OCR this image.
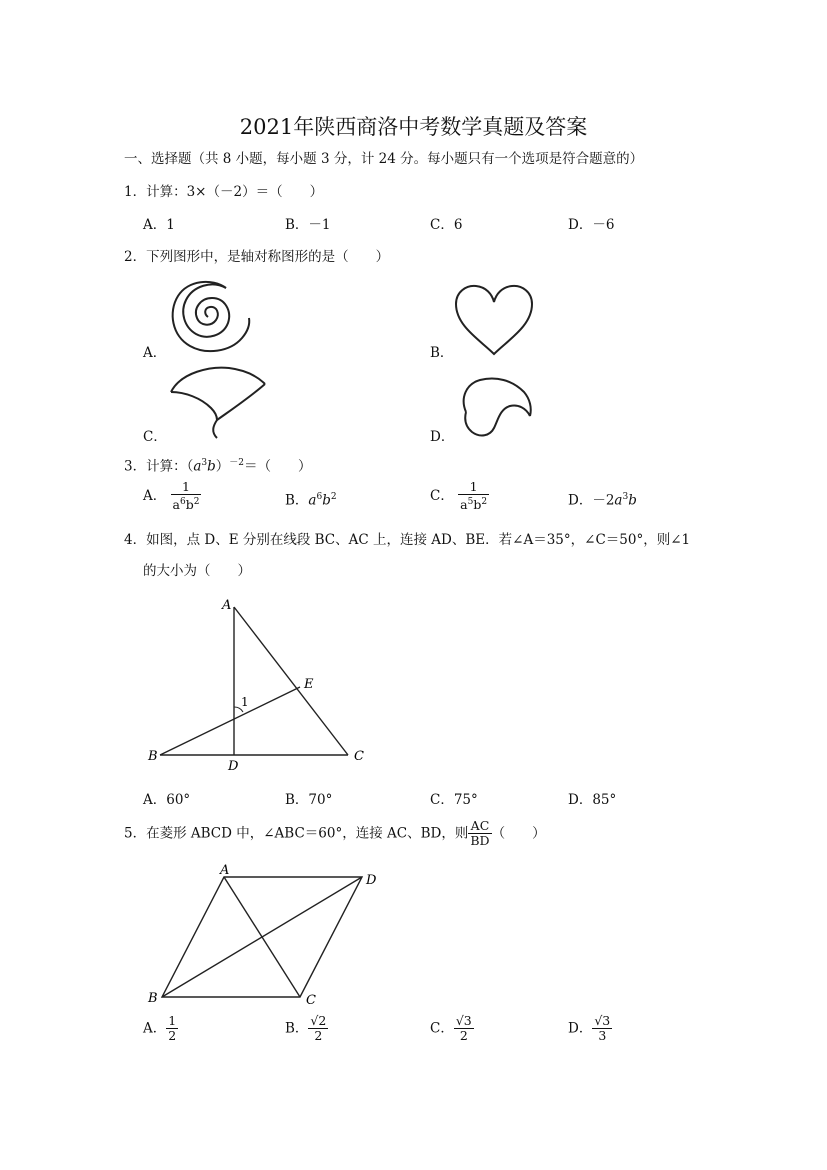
2021年陕西商洛中考数学真题及答案
一、选择题（共 8 小题，每小题 3 分，计 24 分。每小题只有一个选项是符合题意的）
1．计算：3×（－2）＝（　　）
A．1	B．－1	C．6	D．－6
2．下列图形中，是轴对称图形的是（　　）
A．	B．
C．	D．
3．计算：$(a^3b)^{-2}=$（　　）
A． $\frac{1}{a^6b^2}$	B．$a^6b^2$	C． $\frac{1}{a^5b^2}$	D．$-2a^3b$
4．如图，点 D、E 分别在线段 BC、AC 上，连接 AD、BE．若∠A＝35°，∠C＝50°，则∠1
的大小为（　　）
A
B	C
D
E
1
A．60°	B．70°	C．75°	D．85°
5．在菱形 ABCD 中，∠ABC＝60°，连接 AC、BD，则 $\frac{AC}{BD}$ （　　）
A
B	C
D
A． $\frac{1}{2}$	B． $\frac{√2}{2}$	C． $\frac{√3}{2}$	D． $\frac{√3}{3}$
